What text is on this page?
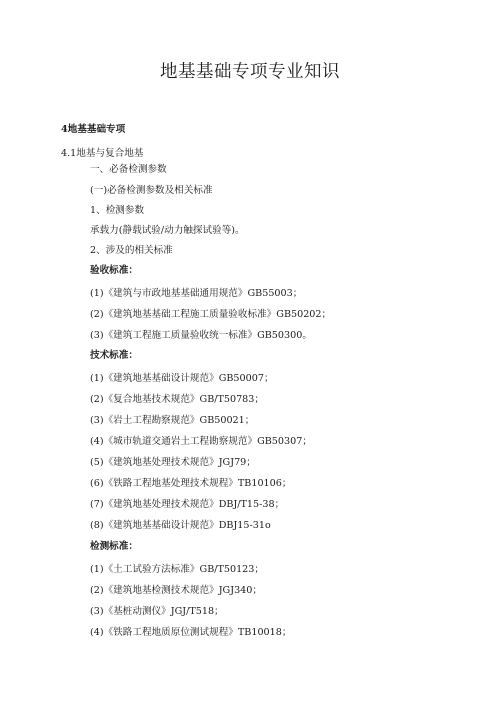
地基基础专项专业知识
4地基基础专项
4.1地基与复合地基
一、必备检测参数
(一)必备检测参数及相关标准
1、检测参数
承载力(静载试验/动力触探试验等)。
2、涉及的相关标准
验收标准：
(1)《建筑与市政地基基础通用规范》GB55003；
(2)《建筑地基基础工程施工质量验收标准》GB50202；
(3)《建筑工程施工质量验收统一标准》GB50300。
技术标准：
(1)《建筑地基基础设计规范》GB50007；
(2)《复合地基技术规范》GB/T50783；
(3)《岩土工程勘察规范》GB50021；
(4)《城市轨道交通岩土工程勘察规范》GB50307；
(5)《建筑地基处理技术规范》JGJ79；
(6)《铁路工程地基处理技术规程》TB10106；
(7)《建筑地基处理技术规范》DBJ/T15-38；
(8)《建筑地基基础设计规范》DBJ15-31o
检测标准：
(1)《土工试验方法标准》GB/T50123；
(2)《建筑地基检测技术规范》JGJ340；
(3)《基桩动测仪》JGJ/T518；
(4)《铁路工程地质原位测试规程》TB10018；
